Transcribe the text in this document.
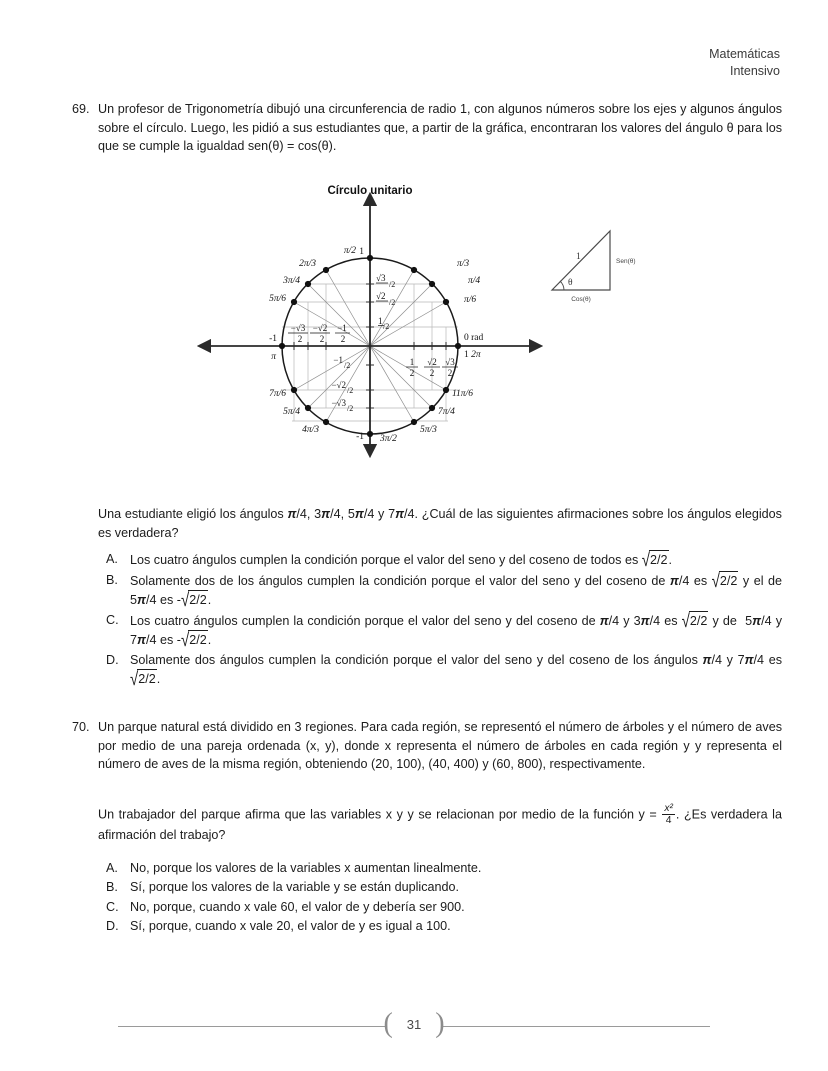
Matemáticas
Intensivo
69. Un profesor de Trigonometría dibujó una circunferencia de radio 1, con algunos números sobre los ejes y algunos ángulos sobre el círculo. Luego, les pidió a sus estudiantes que, a partir de la gráfica, encontraran los valores del ángulo θ para los que se cumple la igualdad sen(θ) = cos(θ).
Círculo unitario
π/6
π/4
π/3
π/2
2π/3
3π/4
5π/6
π
7π/6
5π/4
4π/3
3π/2
5π/3
7π/4
11π/6
0 rad
1 2π
-1
1
-1
√3
/2
√2
/2
1
/2
−1
/2
−√2
/2
−√3
/2
−√3
2
−√2
2
−1
2
1
2
√2
2
√3
2
1
θ
Sen(θ)
Cos(θ)
Una estudiante eligió los ángulos π/4, 3π/4, 5π/4 y 7π/4. ¿Cuál de las siguientes afirmaciones sobre los ángulos elegidos es verdadera?
A. Los cuatro ángulos cumplen la condición porque el valor del seno y del coseno de todos es √2/2.
B. Solamente dos de los ángulos cumplen la condición porque el valor del seno y del coseno de π/4 es √2/2 y el de 5π/4 es -√2/2.
C. Los cuatro ángulos cumplen la condición porque el valor del seno y del coseno de π/4 y 3π/4 es √2/2 y de  5π/4 y 7π/4 es -√2/2.
D. Solamente dos ángulos cumplen la condición porque el valor del seno y del coseno de los ángulos π/4 y 7π/4 es √2/2.
70. Un parque natural está dividido en 3 regiones. Para cada región, se representó el número de árboles y el número de aves por medio de una pareja ordenada (x, y), donde x representa el número de árboles en cada región y y representa el número de aves de la misma región, obteniendo (20, 100), (40, 400) y (60, 800), respectivamente.
Un trabajador del parque afirma que las variables x y y se relacionan por medio de la función $y = \frac{\text{x²}}{4}$ . ¿Es verdadera la afirmación del trabajo?
A. No, porque los valores de la variables x aumentan linealmente.
B. Sí, porque los valores de la variable y se están duplicando.
C. No, porque, cuando x vale 60, el valor de y debería ser 900.
D. Sí, porque, cuando x vale 20, el valor de y es igual a 100.
( 31 )
